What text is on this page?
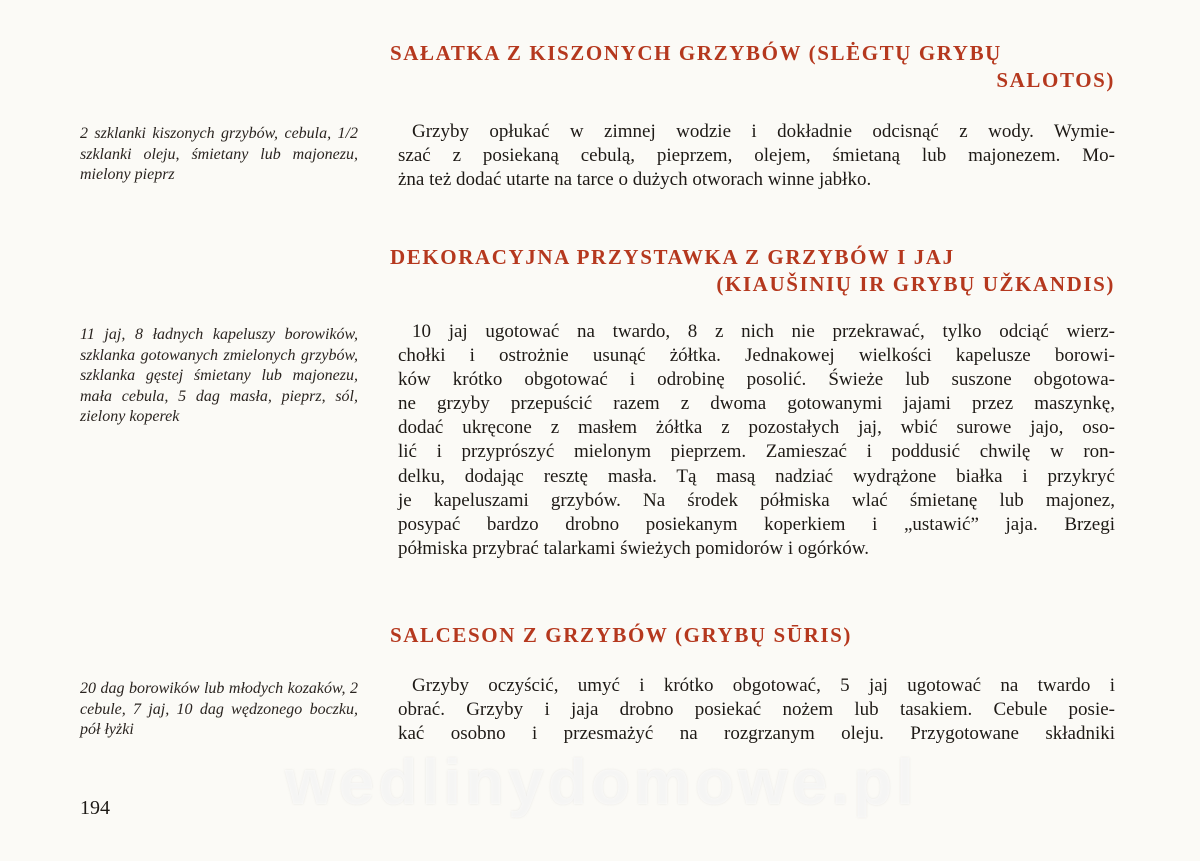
SAŁATKA Z KISZONYCH GRZYBÓW (SLĖGTŲ GRYBŲ
SALOTOS)

2 szklanki kiszonych grzybów, cebula, 1/2 szklanki oleju, śmietany lub majonezu, mielony pieprz

Grzyby opłukać w zimnej wodzie i dokładnie odcisnąć z wody. Wymie-
szać z posiekaną cebulą, pieprzem, olejem, śmietaną lub majonezem. Mo-
żna też dodać utarte na tarce o dużych otworach winne jabłko.
DEKORACYJNA PRZYSTAWKA Z GRZYBÓW I JAJ
(KIAUŠINIŲ IR GRYBŲ UŽKANDIS)

11 jaj, 8 ładnych kapeluszy borowików, szklanka gotowanych zmielonych grzybów, szklanka gęstej śmietany lub majonezu, mała cebula, 5 dag masła, pieprz, sól, zielony koperek

10 jaj ugotować na twardo, 8 z nich nie przekrawać, tylko odciąć wierz-
chołki i ostrożnie usunąć żółtka. Jednakowej wielkości kapelusze borowi-
ków krótko obgotować i odrobinę posolić. Świeże lub suszone obgotowa-
ne grzyby przepuścić razem z dwoma gotowanymi jajami przez maszynkę,
dodać ukręcone z masłem żółtka z pozostałych jaj, wbić surowe jajo, oso-
lić i przyprószyć mielonym pieprzem. Zamieszać i poddusić chwilę w ron-
delku, dodając resztę masła. Tą masą nadziać wydrążone białka i przykryć
je kapeluszami grzybów. Na środek półmiska wlać śmietanę lub majonez,
posypać bardzo drobno posiekanym koperkiem i „ustawić” jaja. Brzegi
półmiska przybrać talarkami świeżych pomidorów i ogórków.
SALCESON Z GRZYBÓW (GRYBŲ SŪRIS)

20 dag borowików lub młodych kozaków, 2 cebule, 7 jaj, 10 dag wędzonego boczku, pół łyżki

Grzyby oczyścić, umyć i krótko obgotować, 5 jaj ugotować na twardo i
obrać. Grzyby i jaja drobno posiekać nożem lub tasakiem. Cebule posie-
kać osobno i przesmażyć na rozgrzanym oleju. Przygotowane składniki
wedlinydomowe.pl
194
